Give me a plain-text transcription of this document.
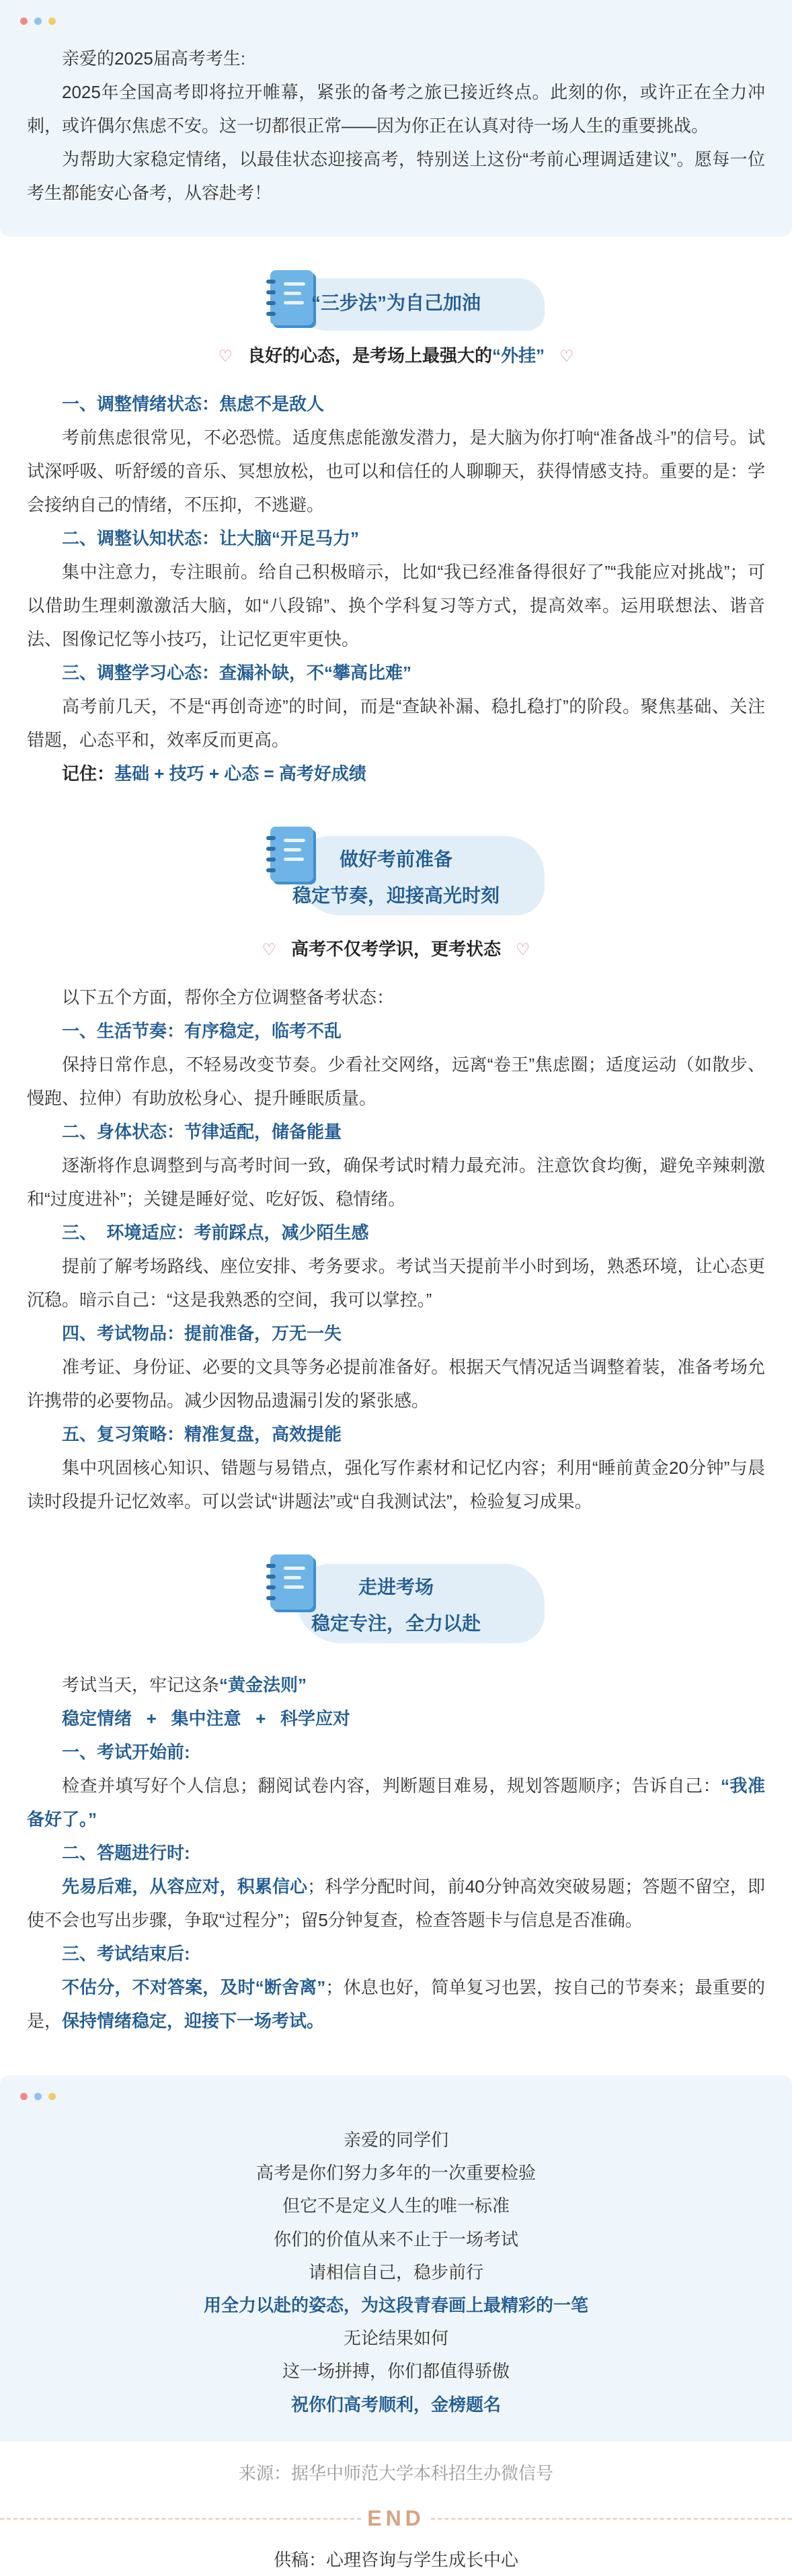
亲爱的2025届高考考生:

2025年全国高考即将拉开帷幕，紧张的备考之旅已接近终点。此刻的你，或许正在全力冲刺，或许偶尔焦虑不安。这一切都很正常——因为你正在认真对待一场人生的重要挑战。

为帮助大家稳定情绪，以最佳状态迎接高考，特别送上这份“考前心理调适建议”。愿每一位考生都能安心备考，从容赴考！

“三步法”为自己加油
♡ 良好的心态，是考场上最强大的“外挂” ♡
一、调整情绪状态：焦虑不是敌人

考前焦虑很常见，不必恐慌。适度焦虑能激发潜力，是大脑为你打响“准备战斗”的信号。试试深呼吸、听舒缓的音乐、冥想放松，也可以和信任的人聊聊天，获得情感支持。重要的是：学会接纳自己的情绪，不压抑，不逃避。

二、调整认知状态：让大脑“开足马力”

集中注意力，专注眼前。给自己积极暗示，比如“我已经准备得很好了”“我能应对挑战”；可以借助生理刺激激活大脑，如“八段锦”、换个学科复习等方式，提高效率。运用联想法、谐音法、图像记忆等小技巧，让记忆更牢更快。

三、调整学习心态：查漏补缺，不“攀高比难”

高考前几天，不是“再创奇迹”的时间，而是“查缺补漏、稳扎稳打”的阶段。聚焦基础、关注错题，心态平和，效率反而更高。

记住：基础 + 技巧 + 心态 = 高考好成绩

做好考前准备
稳定节奏，迎接高光时刻
♡ 高考不仅考学识，更考状态 ♡

以下五个方面，帮你全方位调整备考状态：

一、生活节奏：有序稳定，临考不乱

保持日常作息，不轻易改变节奏。少看社交网络，远离“卷王”焦虑圈；适度运动（如散步、慢跑、拉伸）有助放松身心、提升睡眠质量。

二、身体状态：节律适配，储备能量

逐渐将作息调整到与高考时间一致，确保考试时精力最充沛。注意饮食均衡，避免辛辣刺激和“过度进补”；关键是睡好觉、吃好饭、稳情绪。

三、  环境适应：考前踩点，减少陌生感

提前了解考场路线、座位安排、考务要求。考试当天提前半小时到场，熟悉环境，让心态更沉稳。暗示自己：“这是我熟悉的空间，我可以掌控。”

四、考试物品：提前准备，万无一失

准考证、身份证、必要的文具等务必提前准备好。根据天气情况适当调整着装，准备考场允许携带的必要物品。减少因物品遗漏引发的紧张感。

五、复习策略：精准复盘，高效提能

集中巩固核心知识、错题与易错点，强化写作素材和记忆内容；利用“睡前黄金20分钟”与晨读时段提升记忆效率。可以尝试“讲题法”或“自我测试法”，检验复习成果。

走进考场
稳定专注，全力以赴

考试当天，牢记这条“黄金法则”

稳定情绪   +   集中注意   +   科学应对
一、考试开始前:

检查并填写好个人信息；翻阅试卷内容，判断题目难易，规划答题顺序；告诉自己：“我准备好了。”

二、答题进行时:

先易后难，从容应对，积累信心；科学分配时间，前40分钟高效突破易题；答题不留空，即使不会也写出步骤，争取“过程分”；留5分钟复查，检查答题卡与信息是否准确。

三、考试结束后:

不估分，不对答案，及时“断舍离”；休息也好，简单复习也罢，按自己的节奏来；最重要的是，保持情绪稳定，迎接下一场考试。

亲爱的同学们
高考是你们努力多年的一次重要检验
但它不是定义人生的唯一标准
你们的价值从来不止于一场考试
请相信自己，稳步前行
用全力以赴的姿态，为这段青春画上最精彩的一笔
无论结果如何
这一场拼搏，你们都值得骄傲
祝你们高考顺利，金榜题名
来源：据华中师范大学本科招生办微信号
END
供稿：心理咨询与学生成长中心
